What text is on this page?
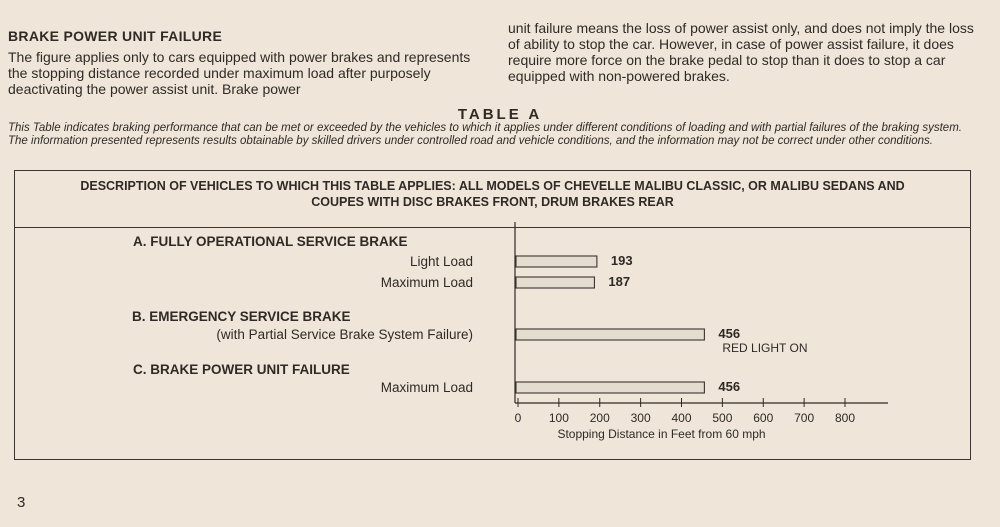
BRAKE POWER UNIT FAILURE

The figure applies only to cars equipped with power brakes and represents the stopping distance recorded under maximum load after purposely deactivating the power assist unit. Brake power

unit failure means the loss of power assist only, and does not imply the loss of ability to stop the car. However, in case of power assist failure, it does require more force on the brake pedal to stop than it does to stop a car equipped with non-powered brakes.

TABLE A
This Table indicates braking performance that can be met or exceeded by the vehicles to which it applies under different conditions of loading and with partial failures of the braking system. The information presented represents results obtainable by skilled drivers under controlled road and vehicle conditions, and the information may not be correct under other conditions.
DESCRIPTION OF VEHICLES TO WHICH THIS TABLE APPLIES: ALL MODELS OF CHEVELLE MALIBU CLASSIC, OR MALIBU SEDANS AND
COUPES WITH DISC BRAKES FRONT, DRUM BRAKES REAR
0 100 200 300 400 500 600 700 800
Stopping Distance in Feet from 60 mph
A. FULLY OPERATIONAL SERVICE BRAKE
Light Load	193
Maximum Load	187
B. EMERGENCY SERVICE BRAKE
(with Partial Service Brake System Failure)	456
RED LIGHT ON
C. BRAKE POWER UNIT FAILURE
Maximum Load	456
3
